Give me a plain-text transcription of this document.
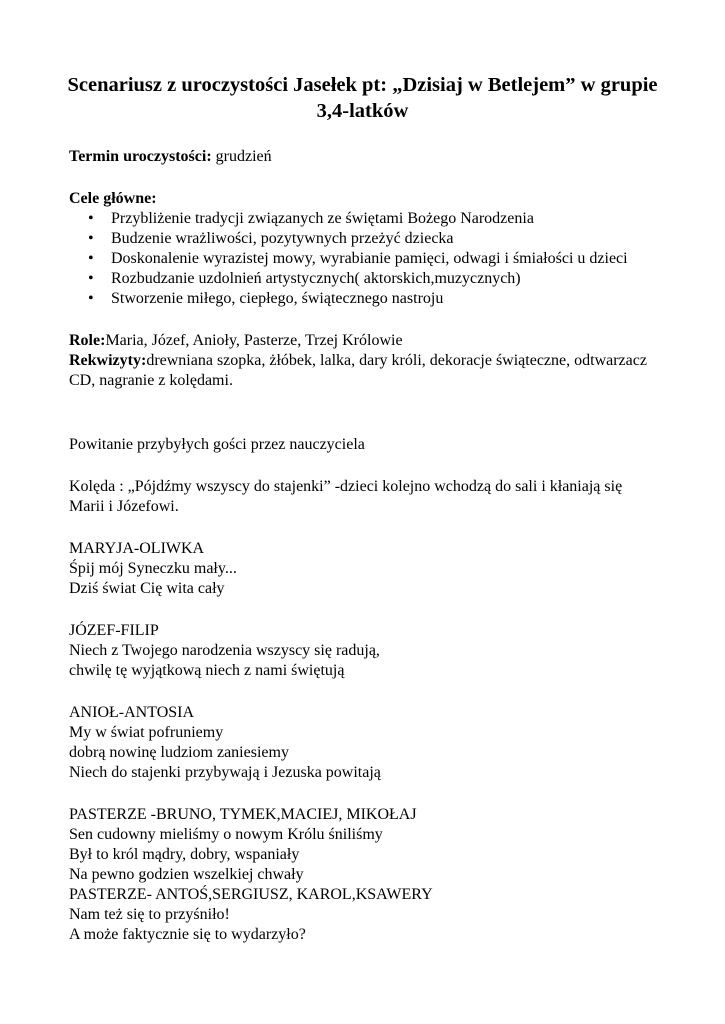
Scenariusz z uroczystości Jasełek pt: „Dzisiaj w Betlejem” w grupie 3,4-latków

Termin uroczystości: grudzień

Cele główne:

• Przybliżenie tradycji związanych ze świętami Bożego Narodzenia
• Budzenie wrażliwości, pozytywnych przeżyć dziecka
• Doskonalenie wyrazistej mowy, wyrabianie pamięci, odwagi i śmiałości u dzieci
• Rozbudzanie uzdolnień artystycznych( aktorskich,muzycznych)
• Stworzenie miłego, ciepłego, świątecznego nastroju

Role:Maria, Józef, Anioły, Pasterze, Trzej Królowie

Rekwizyty:drewniana szopka, żłóbek, lalka, dary króli, dekoracje świąteczne, odtwarzacz CD, nagranie z kolędami.

Powitanie przybyłych gości przez nauczyciela

Kolęda : „Pójdźmy wszyscy do stajenki” -dzieci kolejno wchodzą do sali i kłaniają się Marii i Józefowi.

MARYJA-OLIWKA

Śpij mój Syneczku mały...

Dziś świat Cię wita cały

JÓZEF-FILIP

Niech z Twojego narodzenia wszyscy się radują,

chwilę tę wyjątkową niech z nami świętują

ANIOŁ-ANTOSIA

My w świat pofruniemy

dobrą nowinę ludziom zaniesiemy

Niech do stajenki przybywają i Jezuska powitają

PASTERZE -BRUNO, TYMEK,MACIEJ, MIKOŁAJ

Sen cudowny mieliśmy o nowym Królu śniliśmy

Był to król mądry, dobry, wspaniały

Na pewno godzien wszelkiej chwały

PASTERZE- ANTOŚ,SERGIUSZ, KAROL,KSAWERY

Nam też się to przyśniło!

A może faktycznie się to wydarzyło?
